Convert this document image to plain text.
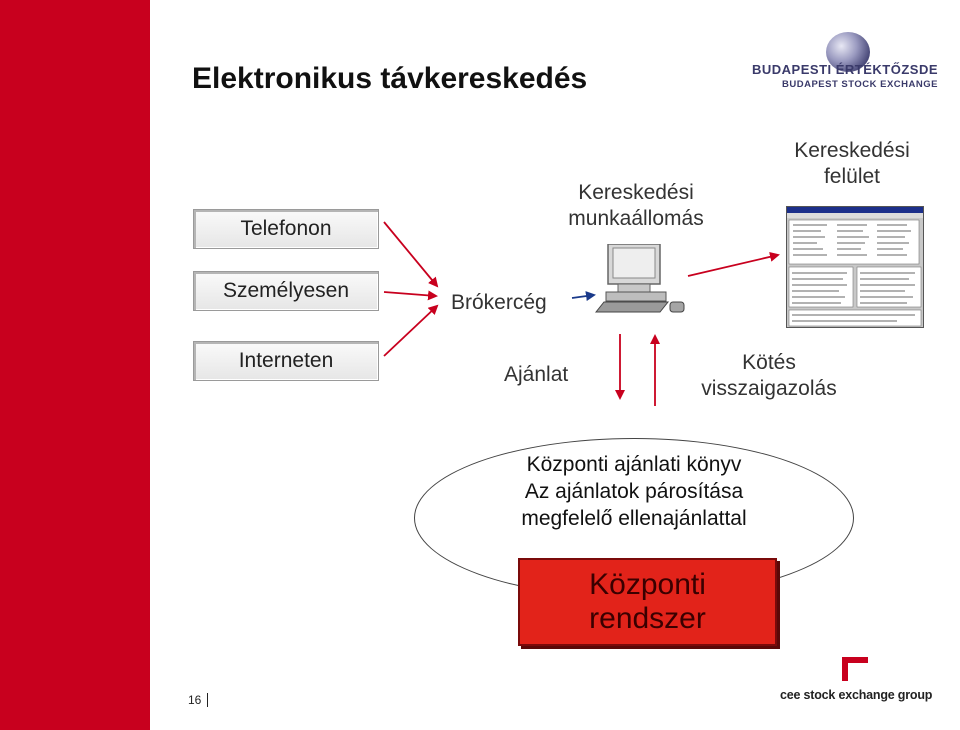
Elektronikus távkereskedés	BUDAPESTI ÉRTÉKTŐZSDE
BUDAPEST STOCK EXCHANGE
Telefonon
Személyesen
Interneten
Brókercég
Kereskedési
munkaállomás
Kereskedési
felület
Ajánlat
Kötés
visszaigazolás
Központi ajánlati könyv
Az ajánlatok párosítása
megfelelő ellenajánlattal
Központi
rendszer
16	cee stock exchange group
